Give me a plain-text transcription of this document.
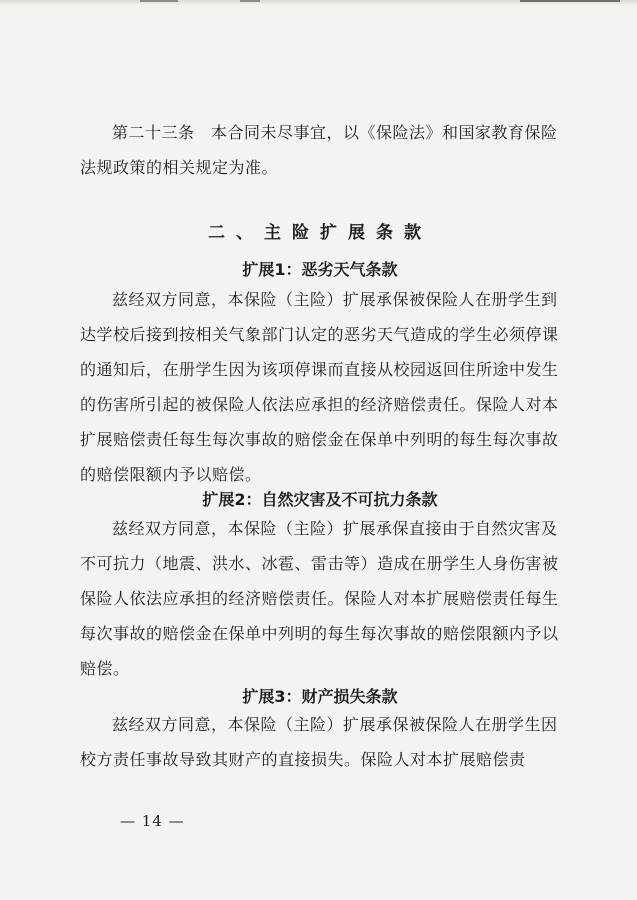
第二十三条　本合同未尽事宜，以《保险法》和国家教育保险法规政策的相关规定为准。

二、主险扩展条款
扩展1：恶劣天气条款

兹经双方同意，本保险（主险）扩展承保被保险人在册学生到达学校后接到按相关气象部门认定的恶劣天气造成的学生必须停课的通知后，在册学生因为该项停课而直接从校园返回住所途中发生的伤害所引起的被保险人依法应承担的经济赔偿责任。保险人对本扩展赔偿责任每生每次事故的赔偿金在保单中列明的每生每次事故的赔偿限额内予以赔偿。

扩展2：自然灾害及不可抗力条款

兹经双方同意，本保险（主险）扩展承保直接由于自然灾害及不可抗力（地震、洪水、冰雹、雷击等）造成在册学生人身伤害被保险人依法应承担的经济赔偿责任。保险人对本扩展赔偿责任每生每次事故的赔偿金在保单中列明的每生每次事故的赔偿限额内予以赔偿。

扩展3：财产损失条款

兹经双方同意，本保险（主险）扩展承保被保险人在册学生因校方责任事故导致其财产的直接损失。保险人对本扩展赔偿责

— 14 —
